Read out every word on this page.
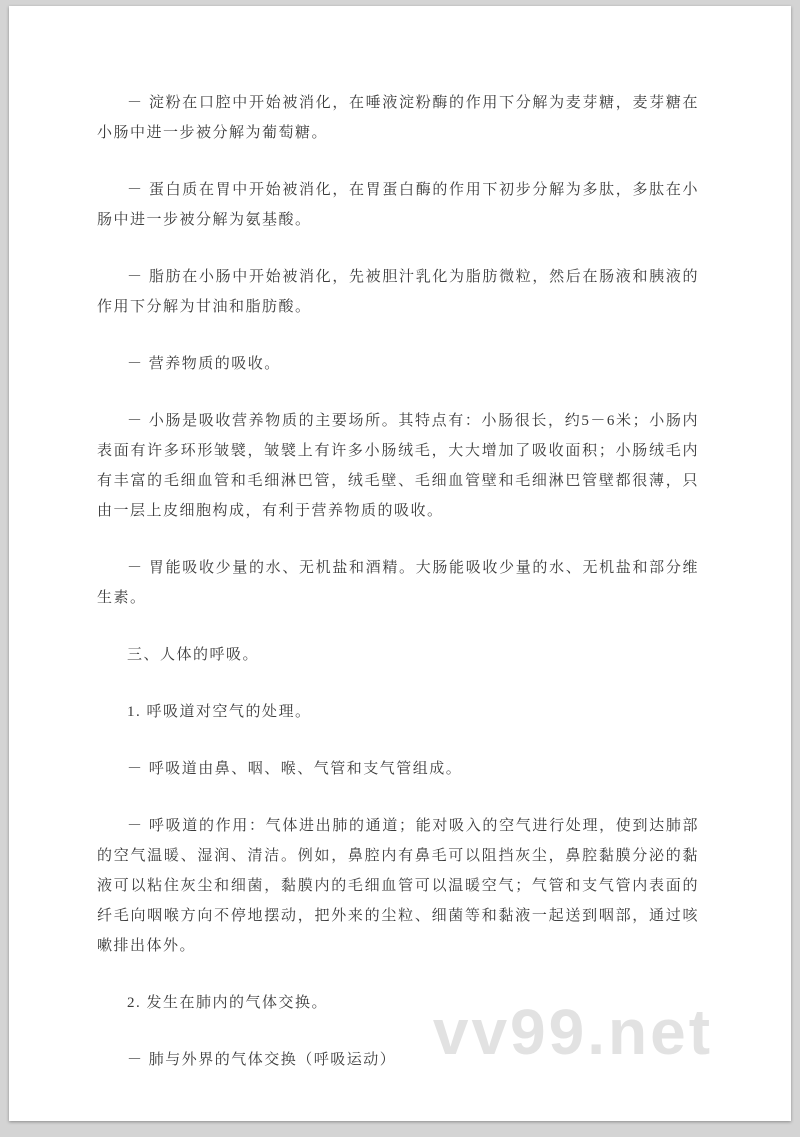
－ 淀粉在口腔中开始被消化，在唾液淀粉酶的作用下分解为麦芽糖，麦芽糖在小肠中进一步被分解为葡萄糖。

－ 蛋白质在胃中开始被消化，在胃蛋白酶的作用下初步分解为多肽，多肽在小肠中进一步被分解为氨基酸。

－ 脂肪在小肠中开始被消化，先被胆汁乳化为脂肪微粒，然后在肠液和胰液的作用下分解为甘油和脂肪酸。

－ 营养物质的吸收。

－ 小肠是吸收营养物质的主要场所。其特点有：小肠很长，约5－6米；小肠内表面有许多环形皱襞，皱襞上有许多小肠绒毛，大大增加了吸收面积；小肠绒毛内有丰富的毛细血管和毛细淋巴管，绒毛壁、毛细血管壁和毛细淋巴管壁都很薄，只由一层上皮细胞构成，有利于营养物质的吸收。

－ 胃能吸收少量的水、无机盐和酒精。大肠能吸收少量的水、无机盐和部分维生素。

三、人体的呼吸。

1. 呼吸道对空气的处理。

－ 呼吸道由鼻、咽、喉、气管和支气管组成。

－ 呼吸道的作用：气体进出肺的通道；能对吸入的空气进行处理，使到达肺部的空气温暖、湿润、清洁。例如，鼻腔内有鼻毛可以阻挡灰尘，鼻腔黏膜分泌的黏液可以粘住灰尘和细菌，黏膜内的毛细血管可以温暖空气；气管和支气管内表面的纤毛向咽喉方向不停地摆动，把外来的尘粒、细菌等和黏液一起送到咽部，通过咳嗽排出体外。

2. 发生在肺内的气体交换。

－ 肺与外界的气体交换（呼吸运动） vv99.net
